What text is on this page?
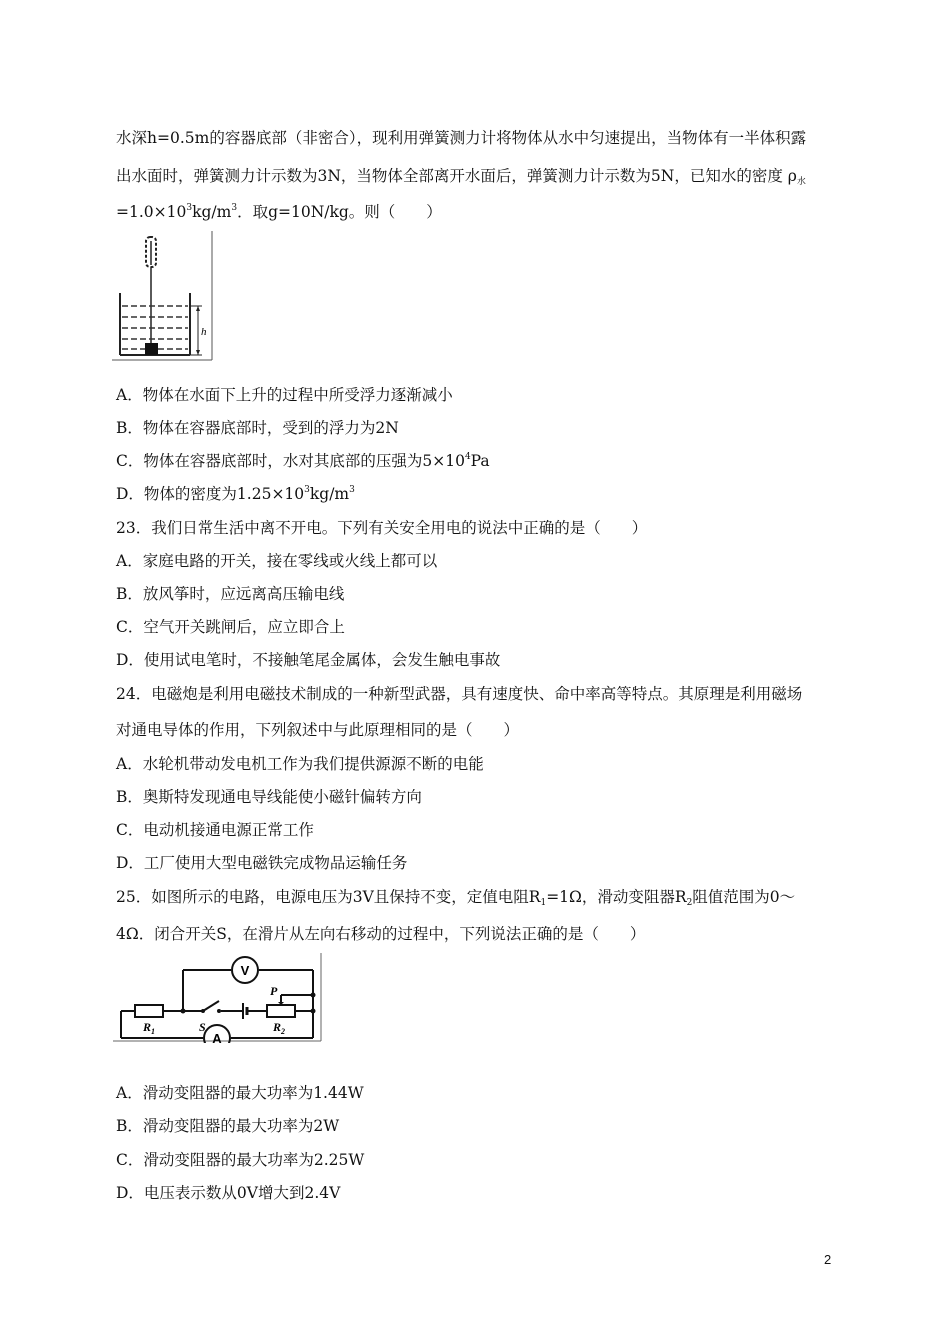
水深h=0.5m的容器底部（非密合），现利用弹簧测力计将物体从水中匀速提出，当物体有一半体积露
出水面时，弹簧测力计示数为3N，当物体全部离开水面后，弹簧测力计示数为5N，已知水的密度 $\rho_水$
$=1.0\times 10^3kg/m^3$．取g=10N/kg。则（　　）
h
A．物体在水面下上升的过程中所受浮力逐渐减小
B．物体在容器底部时，受到的浮力为2N
C．物体在容器底部时，水对其底部的压强为$5\times 10^4Pa$
D．物体的密度为$1.25\times 10^3kg/m^3$
23．我们日常生活中离不开电。下列有关安全用电的说法中正确的是（　　）
A．家庭电路的开关，接在零线或火线上都可以
B．放风筝时，应远离高压输电线
C．空气开关跳闸后，应立即合上
D．使用试电笔时，不接触笔尾金属体，会发生触电事故
24．电磁炮是利用电磁技术制成的一种新型武器，具有速度快、命中率高等特点。其原理是利用磁场
对通电导体的作用，下列叙述中与此原理相同的是（　　）
A．水轮机带动发电机工作为我们提供源源不断的电能
B．奥斯特发现通电导线能使小磁针偏转方向
C．电动机接通电源正常工作
D．工厂使用大型电磁铁完成物品运输任务
25．如图所示的电路，电源电压为3V且保持不变，定值电阻$R_1=1\Omega$，滑动变阻器$R_2$阻值范围为0～
4Ω．闭合开关S，在滑片从左向右移动的过程中，下列说法正确的是（　　）
V
A
$R_1$	S
P
$R_2$
A．滑动变阻器的最大功率为1.44W
B．滑动变阻器的最大功率为2W
C．滑动变阻器的最大功率为2.25W
D．电压表示数从0V增大到2.4V
2
